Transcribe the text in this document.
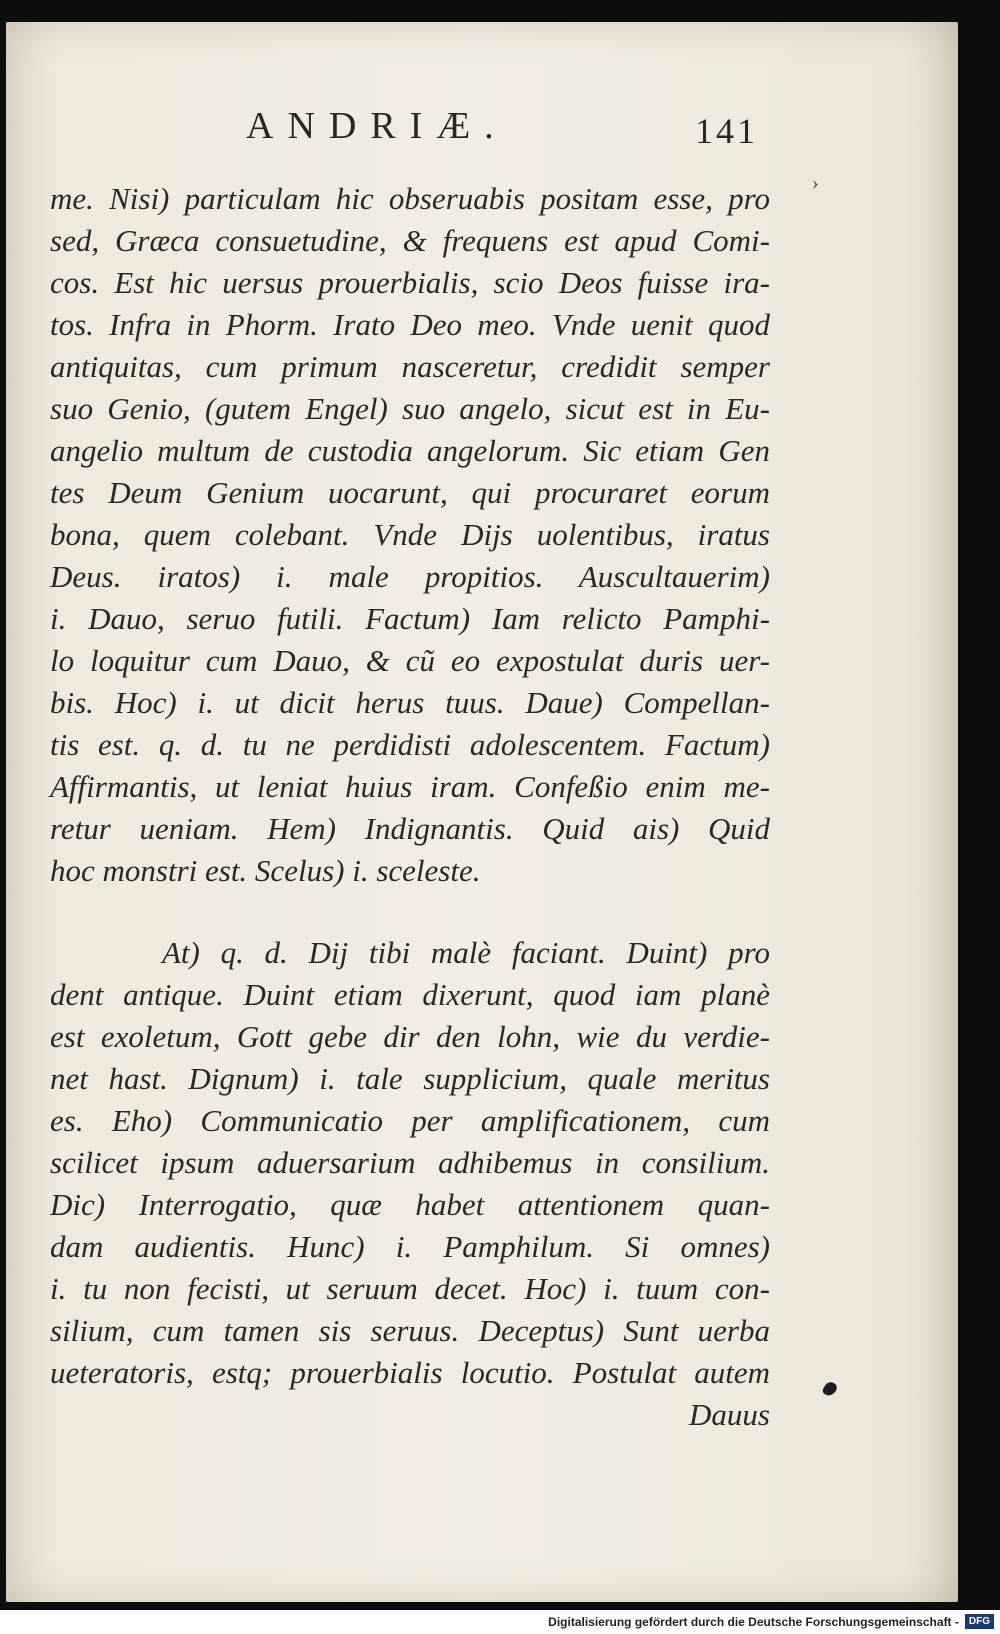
ANDRIÆ.	141
›
me. Nisi) particulam hic obseruabis positam esse, pro
sed, Græca consuetudine, & frequens est apud Comi-
cos. Est hic uersus prouerbialis, scio Deos fuisse ira-
tos. Infra in Phorm. Irato Deo meo. Vnde uenit quod
antiquitas, cum primum nasceretur, credidit semper
suo Genio, (gutem Engel) suo angelo, sicut est in Eu-
angelio multum de custodia angelorum. Sic etiam Gen
tes Deum Genium uocarunt, qui procuraret eorum
bona, quem colebant. Vnde Dijs uolentibus, iratus
Deus. iratos) i. male propitios. Auscultauerim)
i. Dauo, seruo futili. Factum) Iam relicto Pamphi-
lo loquitur cum Dauo, & cũ eo expostulat duris uer-
bis. Hoc) i. ut dicit herus tuus. Daue) Compellan-
tis est. q. d. tu ne perdidisti adolescentem. Factum)
Affirmantis, ut leniat huius iram. Confeßio enim me-
retur ueniam. Hem) Indignantis. Quid ais) Quid
hoc monstri est. Scelus) i. sceleste.
At) q. d. Dij tibi malè faciant. Duint) pro
dent antique. Duint etiam dixerunt, quod iam planè
est exoletum, Gott gebe dir den lohn, wie du verdie-
net hast. Dignum) i. tale supplicium, quale meritus
es. Eho) Communicatio per amplificationem, cum
scilicet ipsum aduersarium adhibemus in consilium.
Dic) Interrogatio, quæ habet attentionem quan-
dam audientis. Hunc) i. Pamphilum. Si omnes)
i. tu non fecisti, ut seruum decet. Hoc) i. tuum con-
silium, cum tamen sis seruus. Deceptus) Sunt uerba
ueteratoris, estq; prouerbialis locutio. Postulat autem
Dauus
Digitalisierung gefördert durch die Deutsche Forschungsgemeinschaft - DFG
